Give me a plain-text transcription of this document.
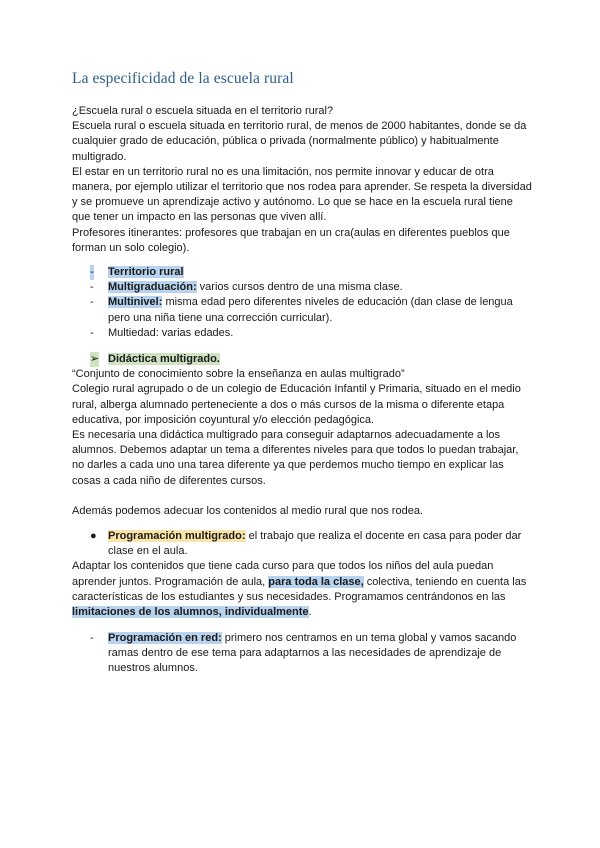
La especificidad de la escuela rural

¿Escuela rural o escuela situada en el territorio rural?

Escuela rural o escuela situada en territorio rural, de menos de 2000 habitantes, donde se da cualquier grado de educación, pública o privada (normalmente público) y habitualmente multigrado.

El estar en un territorio rural no es una limitación, nos permite innovar y educar de otra manera, por ejemplo utilizar el territorio que nos rodea para aprender. Se respeta la diversidad y se promueve un aprendizaje activo y autónomo. Lo que se hace en la escuela rural tiene que tener un impacto en las personas que viven allí.

Profesores itinerantes: profesores que trabajan en un cra(aulas en diferentes pueblos que forman un solo colegio).

- Territorio rural
- Multigraduación: varios cursos dentro de una misma clase.
- Multinivel: misma edad pero diferentes niveles de educación (dan clase de lengua pero una niña tiene una corrección curricular).
- Multiedad: varias edades.
➢ Didáctica multigrado.

“Conjunto de conocimiento sobre la enseñanza en aulas multigrado”

Colegio rural agrupado o de un colegio de Educación Infantil y Primaria, situado en el medio rural, alberga alumnado perteneciente a dos o más cursos de la misma o diferente etapa educativa, por imposición coyuntural y/o elección pedagógica.

Es necesaria una didáctica multigrado para conseguir adaptarnos adecuadamente a los alumnos. Debemos adaptar un tema a diferentes niveles para que todos lo puedan trabajar, no darles a cada uno una tarea diferente ya que perdemos mucho tiempo en explicar las cosas a cada niño de diferentes cursos.

Además podemos adecuar los contenidos al medio rural que nos rodea.

● Programación multigrado: el trabajo que realiza el docente en casa para poder dar clase en el aula.

Adaptar los contenidos que tiene cada curso para que todos los niños del aula puedan aprender juntos. Programación de aula, para toda la clase, colectiva, teniendo en cuenta las características de los estudiantes y sus necesidades. Programamos centrándonos en las limitaciones de los alumnos, individualmente.

- Programación en red: primero nos centramos en un tema global y vamos sacando ramas dentro de ese tema para adaptarnos a las necesidades de aprendizaje de nuestros alumnos.
